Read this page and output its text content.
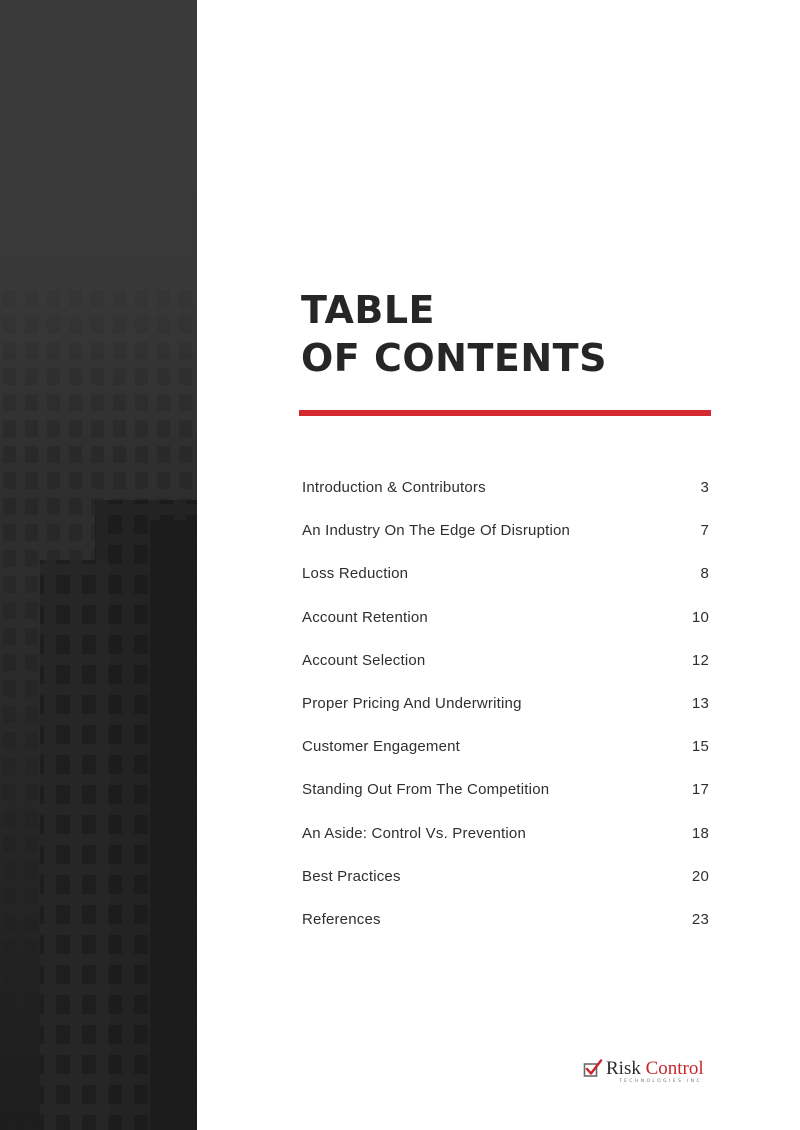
TABLE
OF CONTENTS
Introduction & Contributors	3
An Industry On The Edge Of Disruption	7
Loss Reduction	8
Account Retention	10
Account Selection	12
Proper Pricing And Underwriting	13
Customer Engagement	15
Standing Out From The Competition	17
An Aside: Control Vs. Prevention	18
Best Practices	20
References	23
Risk Control
TECHNOLOGIES INC
